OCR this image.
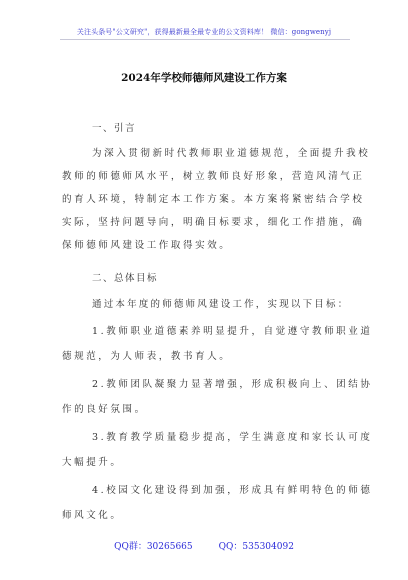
关注头条号"公文研究"，获得最新最全最专业的公文资料库！ 微信：gongwenyj
2024年学校师德师风建设工作方案
一、引言
为深入贯彻新时代教师职业道德规范，全面提升我校
教师的师德师风水平，树立教师良好形象，营造风清气正
的育人环境，特制定本工作方案。本方案将紧密结合学校
实际，坚持问题导向，明确目标要求，细化工作措施，确
保师德师风建设工作取得实效。
二、总体目标
通过本年度的师德师风建设工作，实现以下目标：
1.教师职业道德素养明显提升，自觉遵守教师职业道
德规范，为人师表，教书育人。
2.教师团队凝聚力显著增强，形成积极向上、团结协
作的良好氛围。
3.教育教学质量稳步提高，学生满意度和家长认可度
大幅提升。
4.校园文化建设得到加强，形成具有鲜明特色的师德
师风文化。
QQ群：30265665	QQ：535304092
